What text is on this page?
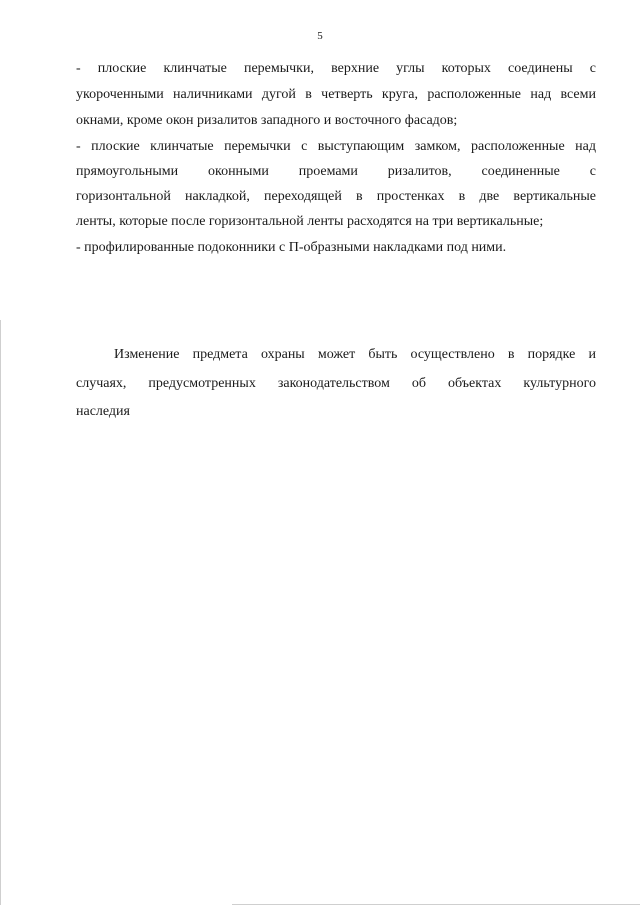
5
- плоские клинчатые перемычки, верхние углы которых соединены с
укороченными наличниками дугой в четверть круга, расположенные над всеми
окнами, кроме окон ризалитов западного и восточного фасадов;
- плоские клинчатые перемычки с выступающим замком, расположенные над
прямоугольными оконными проемами ризалитов, соединенные с
горизонтальной накладкой, переходящей в простенках в две вертикальные
ленты, которые после горизонтальной ленты расходятся на три вертикальные;
- профилированные подоконники с П-образными накладками под ними.
Изменение предмета охраны может быть осуществлено в порядке и
случаях, предусмотренных законодательством об объектах культурного
наследия
